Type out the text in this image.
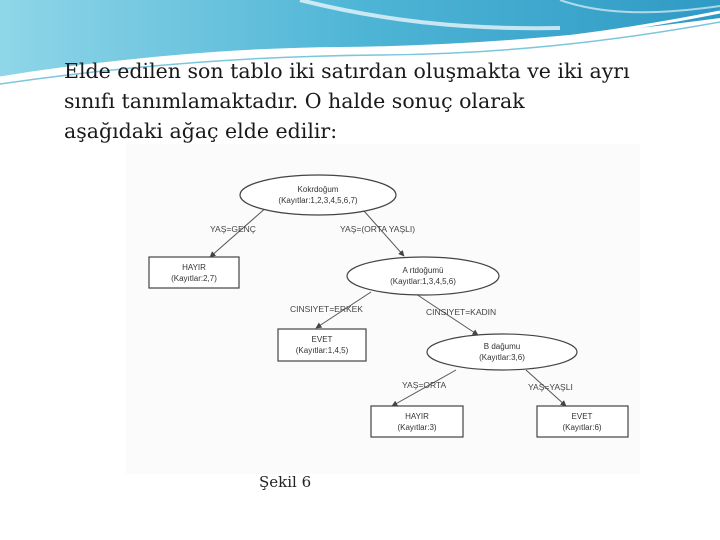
Elde edilen son tablo iki satırdan oluşmakta ve iki ayrı
sınıfı tanımlamaktadır. O halde sonuç olarak
aşağıdaki ağaç elde edilir:
YAŞ=GENÇ	YAŞ=(ORTA YAŞLI)
CINSIYET=ERKEK	CINSIYET=KADIN
YAŞ=ORTA	YAŞ=YAŞLI
Kokrdoğum
(Kayıtlar:1,2,3,4,5,6,7)
HAYIR
(Kayıtlar:2,7)
A rtdoğumü
(Kayıtlar:1,3,4,5,6)
EVET
(Kayıtlar:1,4,5)	B dağumu
(Kayıtlar:3,6)
HAYIR
(Kayıtlar:3)
EVET
(Kayıtlar:6)
Şekil 6
